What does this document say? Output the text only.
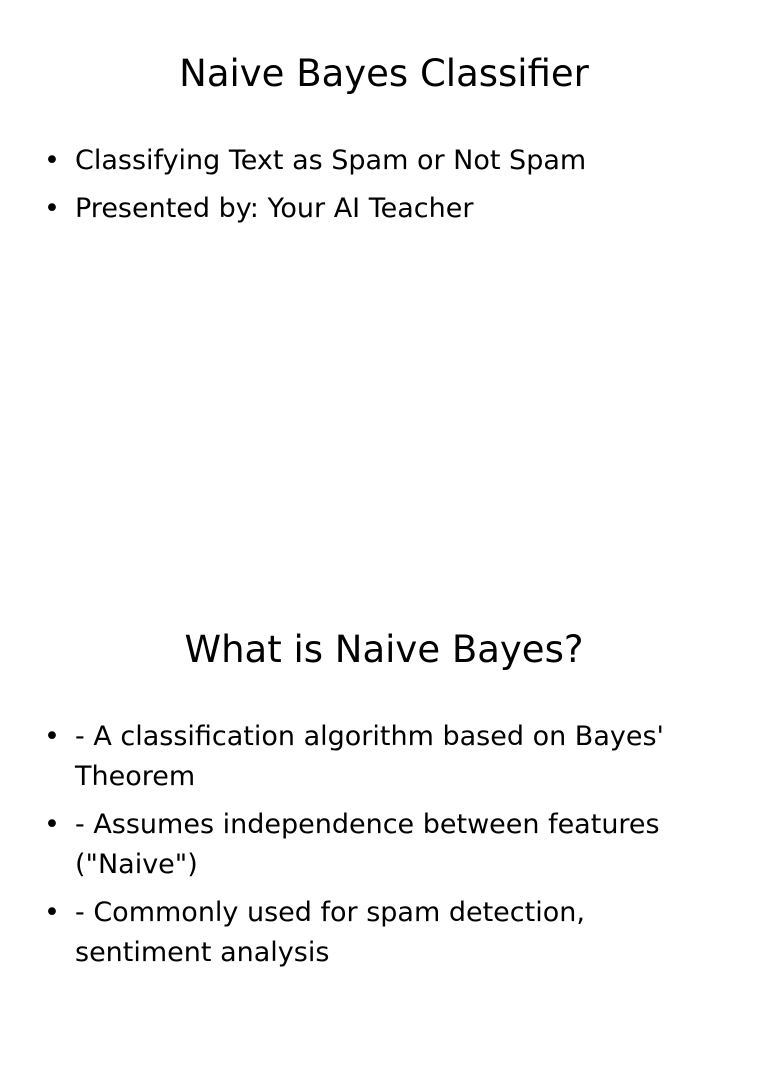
Naive Bayes Classifier
• Classifying Text as Spam or Not Spam
• Presented by: Your AI Teacher
What is Naive Bayes?
• - A classification algorithm based on Bayes' Theorem
• - Assumes independence between features ("Naive")
• - Commonly used for spam detection, sentiment analysis
